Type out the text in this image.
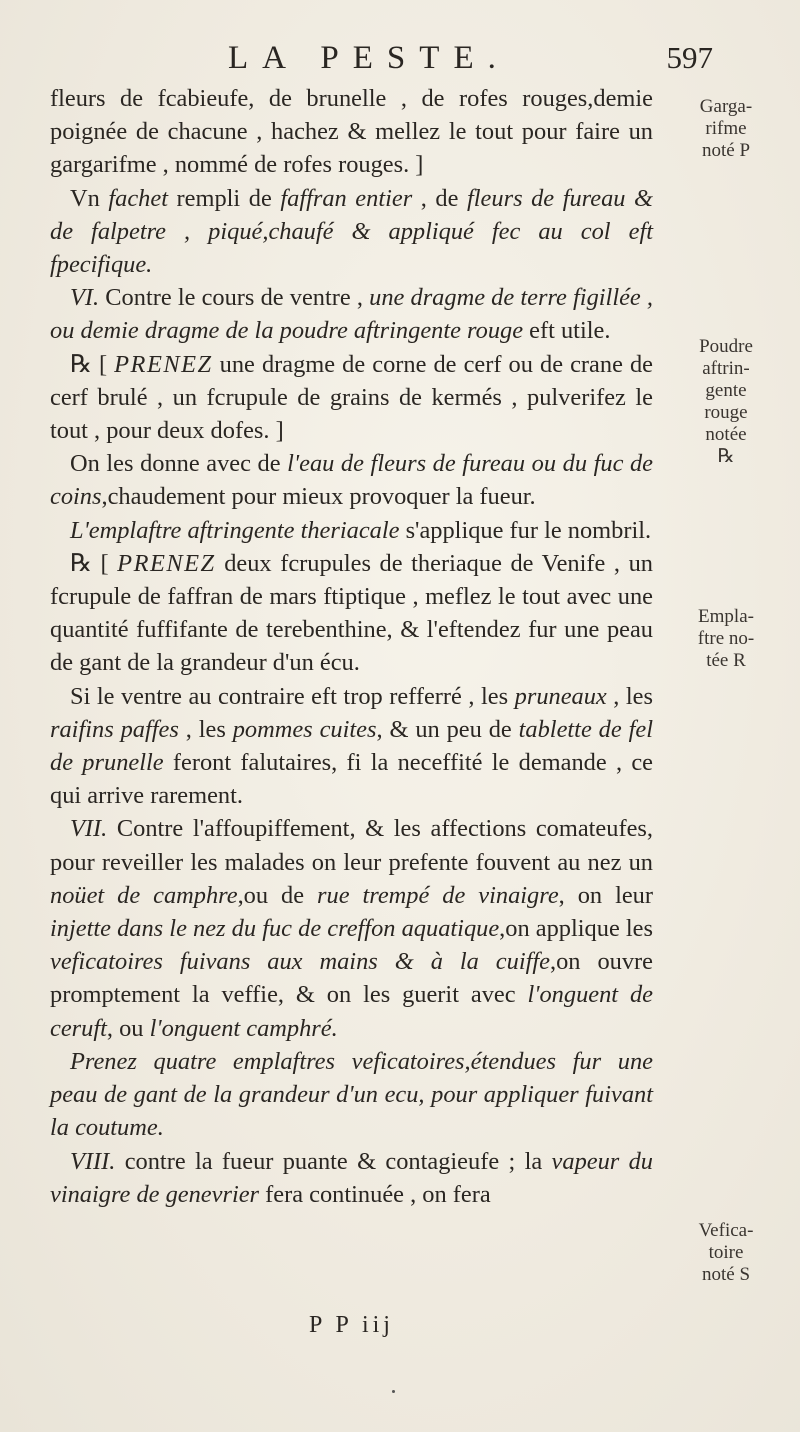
LA PESTE.	597

fleurs de fcabieufe, de brunelle , de rofes rouges,demie poignée de chacune , hachez & mellez le tout pour faire un gargarifme , nommé de rofes rouges. ]

Vn fachet rempli de faffran entier , de fleurs de fureau & de falpetre , piqué,chaufé & appliqué fec au col eft fpecifique.

VI. Contre le cours de ventre , une dragme de terre figillée , ou demie dragme de la poudre aftringente rouge eft utile.

℞ [ PRENEZ une dragme de corne de cerf ou de crane de cerf brulé , un fcrupule de grains de kermés , pulverifez le tout , pour deux dofes. ]

On les donne avec de l'eau de fleurs de fureau ou du fuc de coins,chaudement pour mieux provoquer la fueur.

L'emplaftre aftringente theriacale s'applique fur le nombril.

℞ [ PRENEZ deux fcrupules de theriaque de Venife , un fcrupule de faffran de mars ftiptique , meflez le tout avec une quantité fuffifante de terebenthine, & l'eftendez fur une peau de gant de la grandeur d'un écu.

Si le ventre au contraire eft trop refferré , les pruneaux , les raifins paffes , les pommes cuites, & un peu de tablette de fel de prunelle feront falutaires, fi la neceffité le demande , ce qui arrive rarement.

VII. Contre l'affoupiffement, & les affections comateufes, pour reveiller les malades on leur prefente fouvent au nez un noüet de camphre,ou de rue trempé de vinaigre, on leur injette dans le nez du fuc de creffon aquatique,on applique les veficatoires fuivans aux mains & à la cuiffe,on ouvre promptement la veffie, & on les guerit avec l'onguent de ceruft, ou l'onguent camphré.

Prenez quatre emplaftres veficatoires,étendues fur une peau de gant de la grandeur d'un ecu, pour appliquer fuivant la coutume.

VIII. contre la fueur puante & contagieufe ; la vapeur du vinaigre de genevrier fera continuée , on fera

P P iij
Garga-
rifme
noté P
Poudre
aftrin-
gente
rouge
notée
℞
Empla-
ftre no-
tée R
Vefica-
toire
noté S
